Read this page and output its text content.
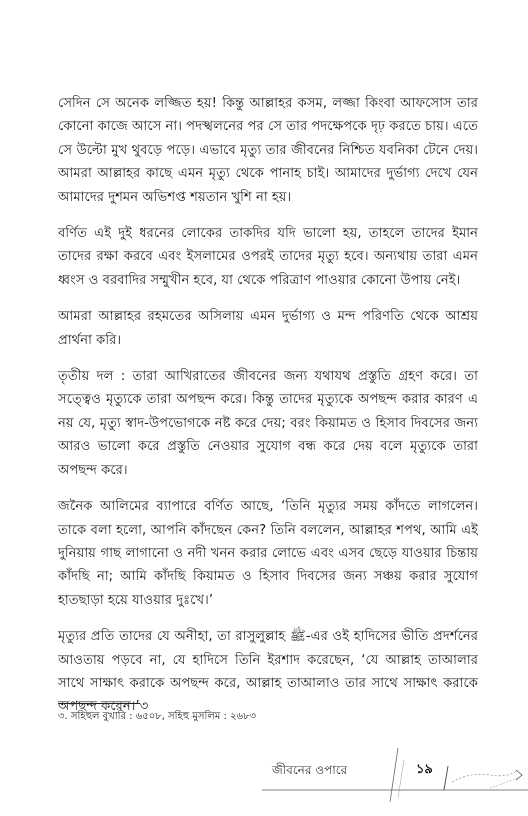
সেদিন সে অনেক লজ্জিত হয়! কিন্তু আল্লাহর কসম, লজ্জা কিংবা আফসোস তার কোনো কাজে আসে না। পদস্খলনের পর সে তার পদক্ষেপকে দৃঢ় করতে চায়। এতে সে উল্টো মুখ থুবড়ে পড়ে। এভাবে মৃত্যু তার জীবনের নিশ্চিত যবনিকা টেনে দেয়। আমরা আল্লাহর কাছে এমন মৃত্যু থেকে পানাহ চাই। আমাদের দুর্ভাগ্য দেখে যেন আমাদের দুশমন অভিশপ্ত শয়তান খুশি না হয়।

বর্ণিত এই দুই ধরনের লোকের তাকদির যদি ভালো হয়, তাহলে তাদের ইমান তাদের রক্ষা করবে এবং ইসলামের ওপরই তাদের মৃত্যু হবে। অন্যথায় তারা এমন ধ্বংস ও বরবাদির সম্মুখীন হবে, যা থেকে পরিত্রাণ পাওয়ার কোনো উপায় নেই।

আমরা আল্লাহর রহমতের অসিলায় এমন দুর্ভাগ্য ও মন্দ পরিণতি থেকে আশ্রয় প্রার্থনা করি।

তৃতীয় দল : তারা আখিরাতের জীবনের জন্য যথাযথ প্রস্তুতি গ্রহণ করে। তা সত্ত্বেও মৃত্যুকে তারা অপছন্দ করে। কিন্তু তাদের মৃত্যুকে অপছন্দ করার কারণ এ নয় যে, মৃত্যু স্বাদ-উপভোগকে নষ্ট করে দেয়; বরং কিয়ামত ও হিসাব দিবসের জন্য আরও ভালো করে প্রস্তুতি নেওয়ার সুযোগ বন্ধ করে দেয় বলে মৃত্যুকে তারা অপছন্দ করে।

জনৈক আলিমের ব্যাপারে বর্ণিত আছে, ‘তিনি মৃত্যুর সময় কাঁদতে লাগলেন। তাকে বলা হলো, আপনি কাঁদছেন কেন? তিনি বললেন, আল্লাহর শপথ, আমি এই দুনিয়ায় গাছ লাগানো ও নদী খনন করার লোভে এবং এসব ছেড়ে যাওয়ার চিন্তায় কাঁদছি না; আমি কাঁদছি কিয়ামত ও হিসাব দিবসের জন্য সঞ্চয় করার সুযোগ হাতছাড়া হয়ে যাওয়ার দুঃখে।’

মৃত্যুর প্রতি তাদের যে অনীহা, তা রাসুলুল্লাহ ﷺ-এর ওই হাদিসের ভীতি প্রদর্শনের আওতায় পড়বে না, যে হাদিসে তিনি ইরশাদ করেছেন, ‘যে আল্লাহ তাআলার সাথে সাক্ষাৎ করাকে অপছন্দ করে, আল্লাহ তাআলাও তার সাথে সাক্ষাৎ করাকে অপছন্দ করেন।’৩

৩. সহিহুল বুখারি : ৬৫০৮, সহিহু মুসলিম : ২৬৮৩
জীবনের ওপারে	১৯
